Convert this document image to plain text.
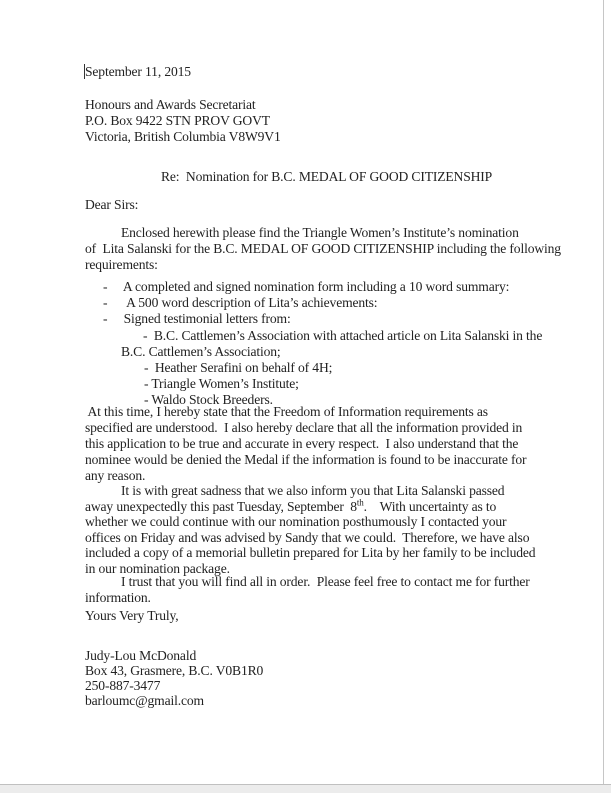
September 11, 2015
Honours and Awards Secretariat
P.O. Box 9422 STN PROV GOVT
Victoria, British Columbia V8W9V1
Re:  Nomination for B.C. MEDAL OF GOOD CITIZENSHIP
Dear Sirs:
Enclosed herewith please find the Triangle Women’s Institute’s nomination
of  Lita Salanski for the B.C. MEDAL OF GOOD CITIZENSHIP including the following
requirements:
-     A completed and signed nomination form including a 10 word summary:
-      A 500 word description of Lita’s achievements:
-     Signed testimonial letters from:
-  B.C. Cattlemen’s Association with attached article on Lita Salanski in the
B.C. Cattlemen’s Association;
-  Heather Serafini on behalf of 4H;
- Triangle Women’s Institute;
- Waldo Stock Breeders.
At this time, I hereby state that the Freedom of Information requirements as
specified are understood.  I also hereby declare that all the information provided in
this application to be true and accurate in every respect.  I also understand that the
nominee would be denied the Medal if the information is found to be inaccurate for
any reason.
It is with great sadness that we also inform you that Lita Salanski passed
away unexpectedly this past Tuesday, September  8th.    With uncertainty as to
whether we could continue with our nomination posthumously I contacted your
offices on Friday and was advised by Sandy that we could.  Therefore, we have also
included a copy of a memorial bulletin prepared for Lita by her family to be included
in our nomination package.
I trust that you will find all in order.  Please feel free to contact me for further
information.
Yours Very Truly,
Judy-Lou McDonald
Box 43, Grasmere, B.C. V0B1R0
250-887-3477
barloumc@gmail.com
